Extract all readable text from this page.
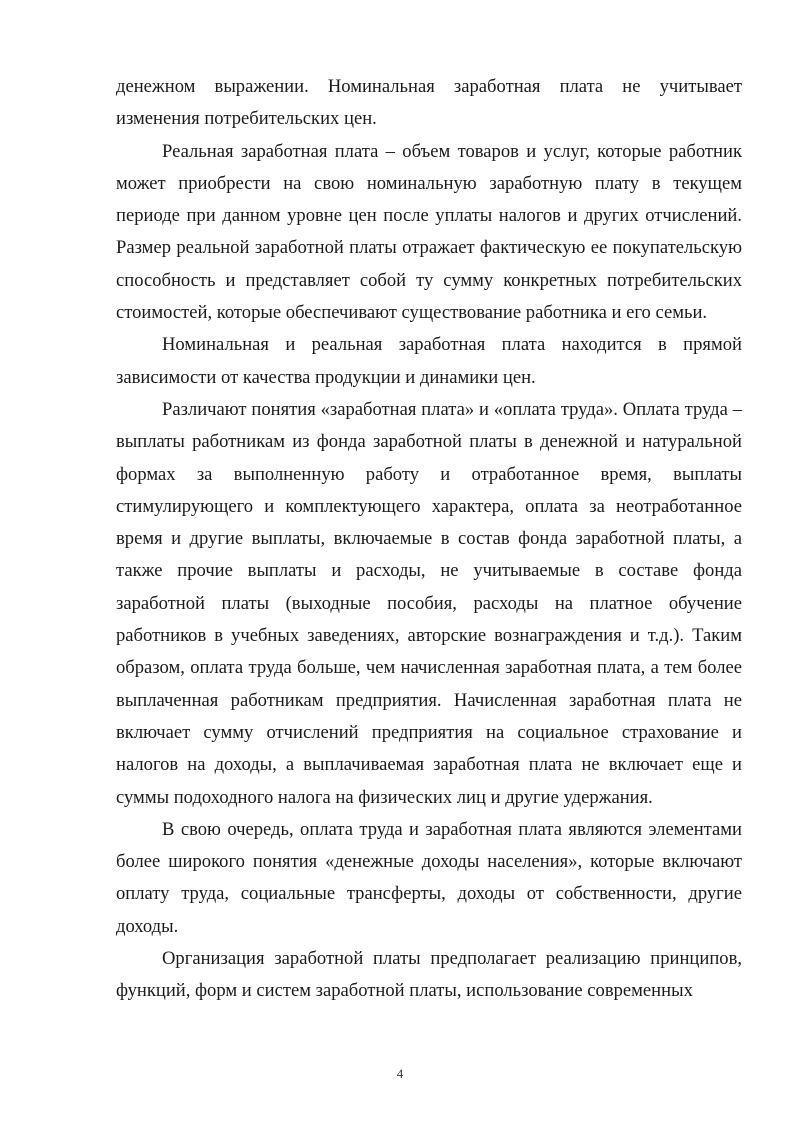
денежном выражении. Номинальная заработная плата не учитывает изменения потребительских цен.

Реальная заработная плата – объем товаров и услуг, которые работник может приобрести на свою номинальную заработную плату в текущем периоде при данном уровне цен после уплаты налогов и других отчислений. Размер реальной заработной платы отражает фактическую ее покупательскую способность и представляет собой ту сумму конкретных потребительских стоимостей, которые обеспечивают существование работника и его семьи.

Номинальная и реальная заработная плата находится в прямой зависимости от качества продукции и динамики цен.

Различают понятия «заработная плата» и «оплата труда». Оплата труда – выплаты работникам из фонда заработной платы в денежной и натуральной формах за выполненную работу и отработанное время, выплаты стимулирующего и комплектующего характера, оплата за неотработанное время и другие выплаты, включаемые в состав фонда заработной платы, а также прочие выплаты и расходы, не учитываемые в составе фонда заработной платы (выходные пособия, расходы на платное обучение работников в учебных заведениях, авторские вознаграждения и т.д.). Таким образом, оплата труда больше, чем начисленная заработная плата, а тем более выплаченная работникам предприятия. Начисленная заработная плата не включает сумму отчислений предприятия на социальное страхование и налогов на доходы, а выплачиваемая заработная плата не включает еще и суммы подоходного налога на физических лиц и другие удержания.

В свою очередь, оплата труда и заработная плата являются элементами более широкого понятия «денежные доходы населения», которые включают оплату труда, социальные трансферты, доходы от собственности, другие доходы.

Организация заработной платы предполагает реализацию принципов, функций, форм и систем заработной платы, использование современных

4
